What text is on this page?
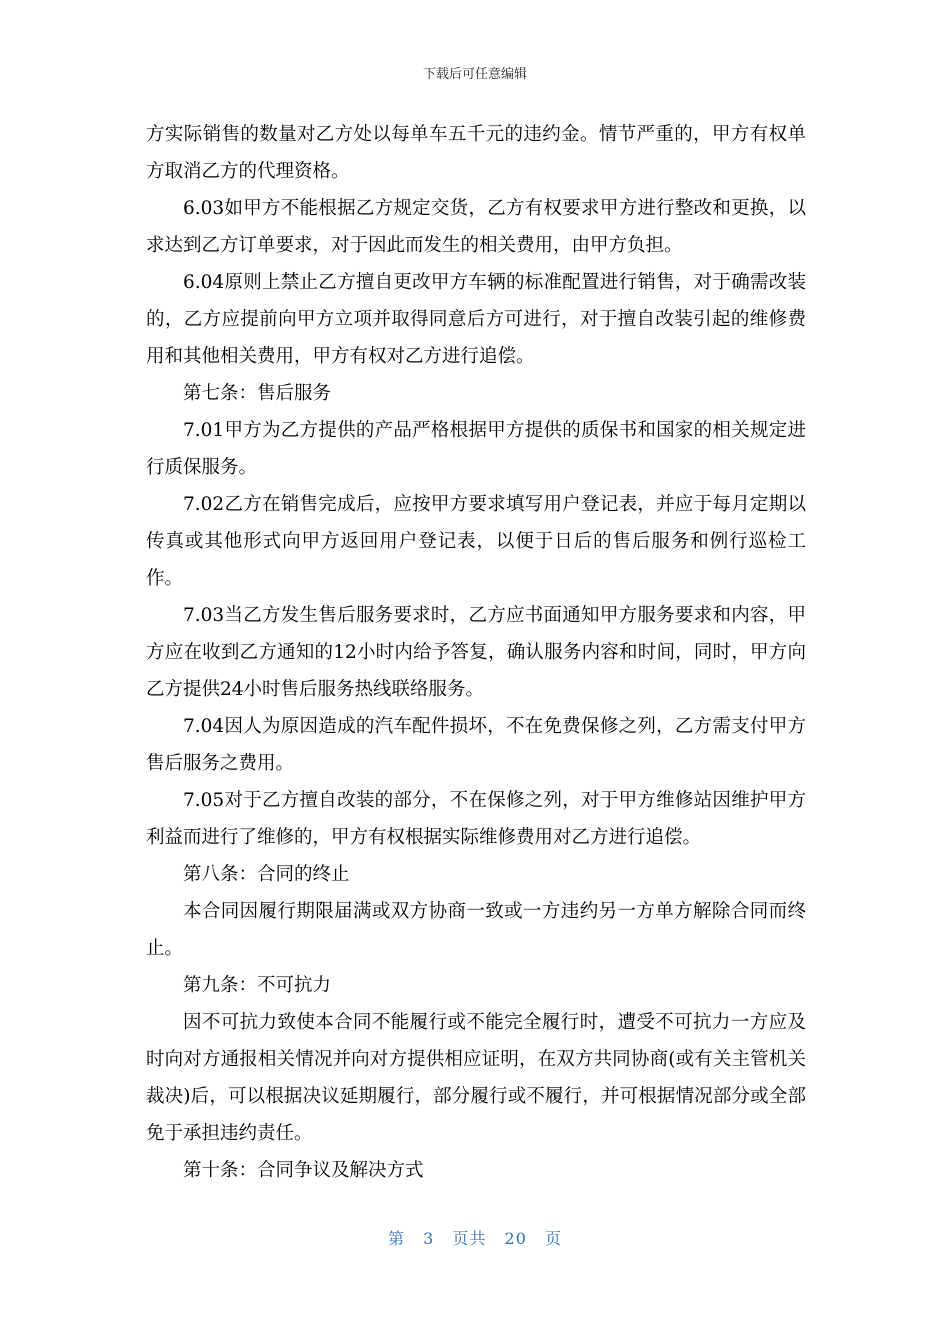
下载后可任意编辑

方实际销售的数量对乙方处以每单车五千元的违约金。情节严重的，甲方有权单方取消乙方的代理资格。

6.03如甲方不能根据乙方规定交货，乙方有权要求甲方进行整改和更换，以求达到乙方订单要求，对于因此而发生的相关费用，由甲方负担。

6.04原则上禁止乙方擅自更改甲方车辆的标准配置进行销售，对于确需改装的，乙方应提前向甲方立项并取得同意后方可进行，对于擅自改装引起的维修费用和其他相关费用，甲方有权对乙方进行追偿。

第七条：售后服务

7.01甲方为乙方提供的产品严格根据甲方提供的质保书和国家的相关规定进行质保服务。

7.02乙方在销售完成后，应按甲方要求填写用户登记表，并应于每月定期以传真或其他形式向甲方返回用户登记表，以便于日后的售后服务和例行巡检工作。

7.03当乙方发生售后服务要求时，乙方应书面通知甲方服务要求和内容，甲方应在收到乙方通知的12小时内给予答复，确认服务内容和时间，同时，甲方向乙方提供24小时售后服务热线联络服务。

7.04因人为原因造成的汽车配件损坏，不在免费保修之列，乙方需支付甲方售后服务之费用。

7.05对于乙方擅自改装的部分，不在保修之列，对于甲方维修站因维护甲方利益而进行了维修的，甲方有权根据实际维修费用对乙方进行追偿。

第八条：合同的终止

本合同因履行期限届满或双方协商一致或一方违约另一方单方解除合同而终止。

第九条：不可抗力

因不可抗力致使本合同不能履行或不能完全履行时，遭受不可抗力一方应及时向对方通报相关情况并向对方提供相应证明，在双方共同协商(或有关主管机关裁决)后，可以根据决议延期履行，部分履行或不履行，并可根据情况部分或全部免于承担违约责任。

第十条：合同争议及解决方式

第 3 页共 20 页
